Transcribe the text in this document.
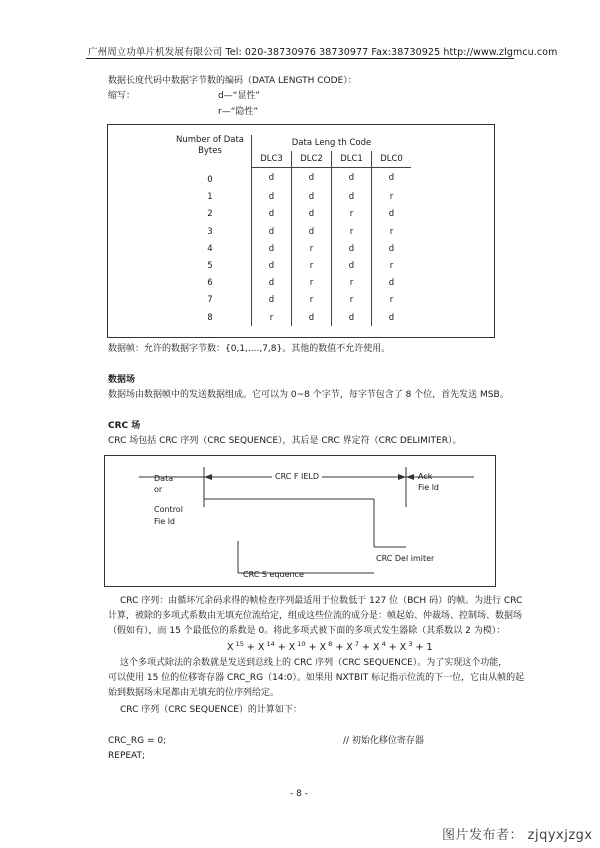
广州周立功单片机发展有限公司 Tel: 020-38730976 38730977 Fax:38730925 http://www.zlgmcu.com
数据长度代码中数据字节数的编码（DATA LENGTH CODE）：
缩写：	d—“显性”
r—“隐性”
Number of Data
Bytes	Data Leng th Code			
	DLC3	DLC2	DLC1	DLC0
0	d	d	d	d
1	d	d	d	r
2	d	d	r	d
3	d	d	r	r
4	d	r	d	d
5	d	r	d	r
6	d	r	r	d
7	d	r	r	r
8	r	d	d	d
数据帧：允许的数据字节数：{0,1,....,7,8}。其他的数值不允许使用。
数据场
数据场由数据帧中的发送数据组成。它可以为 0~8 个字节，每字节包含了 8 个位，首先发送 MSB。
CRC 场
CRC 场包括 CRC 序列（CRC SEQUENCE），其后是 CRC 界定符（CRC DELIMITER）。
Data
or
Control
Fie ld
CRC F IELD	Ack
Fie ld
CRC Del imiter
CRC S equence
CRC 序列：由循环冗余码求得的帧检查序列最适用于位数低于 127 位（BCH 码）的帧。为进行 CRC
计算，被除的多项式系数由无填充位流给定，组成这些位流的成分是：帧起始、仲裁场、控制场、数据场
（假如有），而 15 个最低位的系数是 0。将此多项式被下面的多项式发生器除（其系数以 2 为模）：
X $^{15}$ + X $^{14}$ + X $^{10}$ + X $^8$ + X $^7$ + X $^4$ + X $^3$ + 1
这个多项式除法的余数就是发送到总线上的 CRC 序列（CRC SEQUENCE）。为了实现这个功能，
可以使用 15 位的位移寄存器 CRC_RG（14:0）。如果用 NXTBIT 标记指示位流的下一位，它由从帧的起
始到数据场末尾都由无填充的位序列给定。
CRC 序列（CRC SEQUENCE）的计算如下：
CRC_RG = 0;	// 初始化移位寄存器
REPEAT;
- 8 -
图片发布者： zjqyxjzgx
